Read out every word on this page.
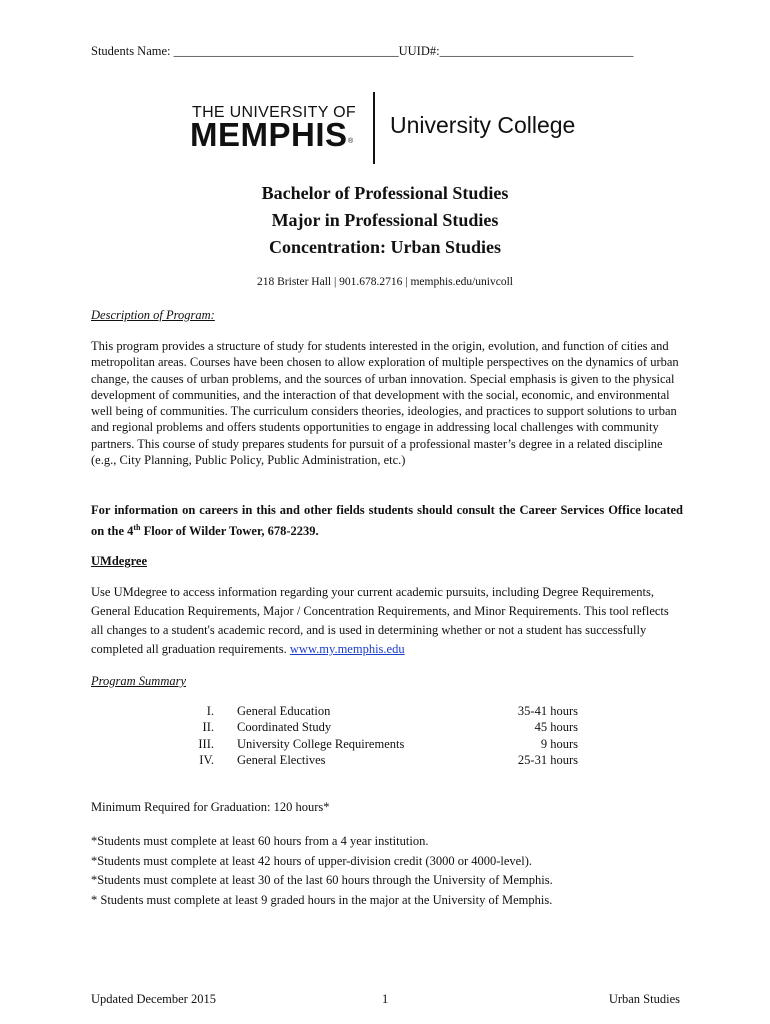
Students Name: ____________________________________UUID#:_______________________________
THE UNIVERSITY OF
MEMPHIS ®
University College
Bachelor of Professional Studies
Major in Professional Studies
Concentration: Urban Studies
218 Brister Hall | 901.678.2716 | memphis.edu/univcoll
Description of Program:
This program provides a structure of study for students interested in the origin, evolution, and function of cities and metropolitan areas. Courses have been chosen to allow exploration of multiple perspectives on the dynamics of urban change, the causes of urban problems, and the sources of urban innovation. Special emphasis is given to the physical development of communities, and the interaction of that development with the social, economic, and environmental well being of communities. The curriculum considers theories, ideologies, and practices to support solutions to urban and regional problems and offers students opportunities to engage in addressing local challenges with community partners. This course of study prepares students for pursuit of a professional master’s degree in a related discipline (e.g., City Planning, Public Policy, Public Administration, etc.)
For information on careers in this and other fields students should consult the Career Services Office located on the 4th Floor of Wilder Tower, 678-2239.
UMdegree
Use UMdegree to access information regarding your current academic pursuits, including Degree Requirements, General Education Requirements, Major / Concentration Requirements, and Minor Requirements. This tool reflects all changes to a student's academic record, and is used in determining whether or not a student has successfully completed all graduation requirements. www.my.memphis.edu
Program Summary
I. General Education	35-41 hours
II. Coordinated Study	45 hours
III. University College Requirements	9 hours
IV. General Electives	25-31 hours
Minimum Required for Graduation: 120 hours*
*Students must complete at least 60 hours from a 4 year institution.
*Students must complete at least 42 hours of upper-division credit (3000 or 4000-level).
*Students must complete at least 30 of the last 60 hours through the University of Memphis.
* Students must complete at least 9 graded hours in the major at the University of Memphis.
Updated December 2015	1	Urban Studies
